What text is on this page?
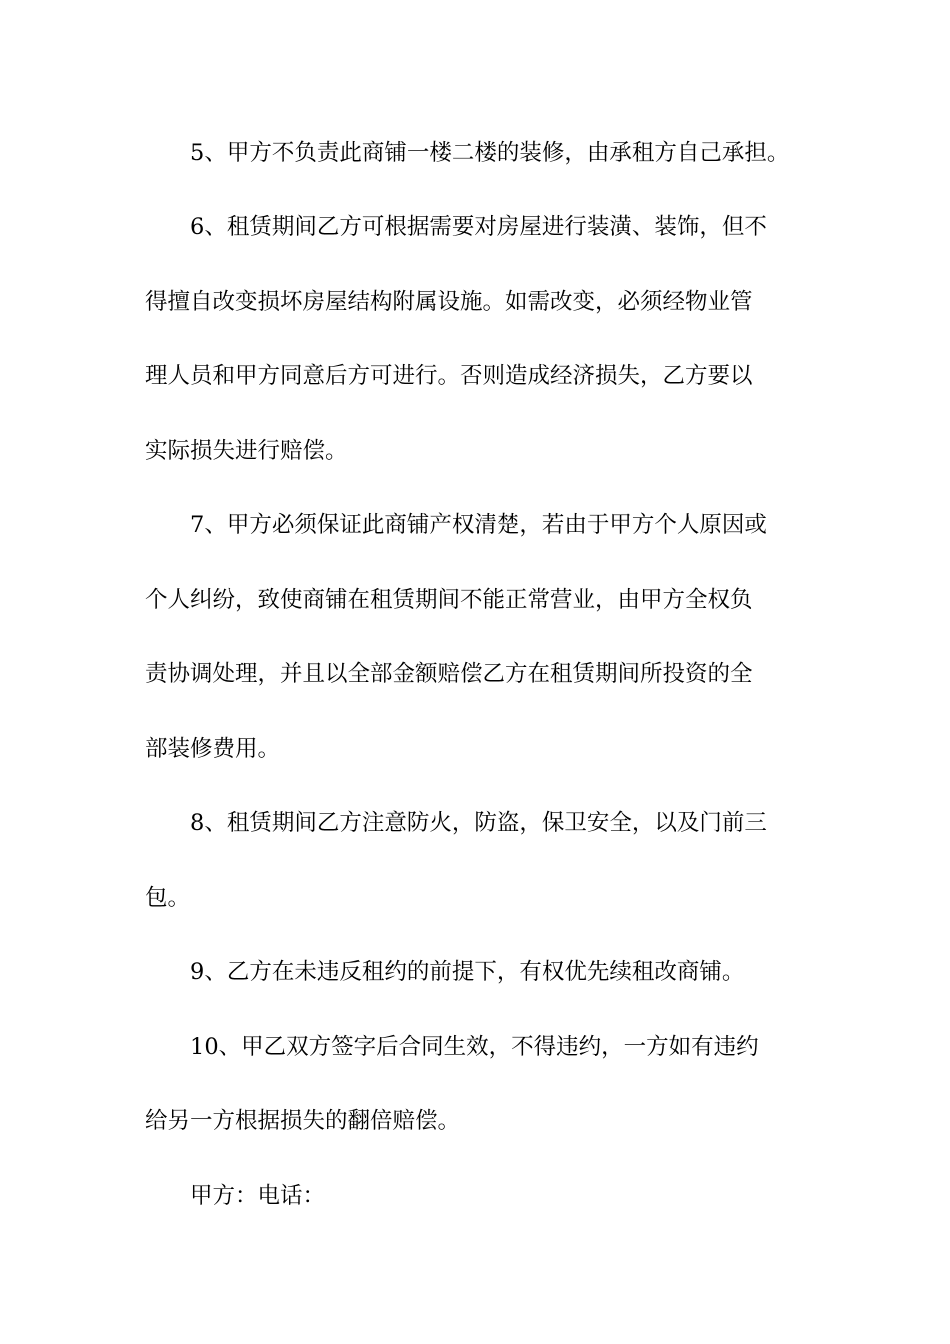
5、甲方不负责此商铺一楼二楼的装修，由承租方自己承担。

6、租赁期间乙方可根据需要对房屋进行装潢、装饰，但不

得擅自改变损坏房屋结构附属设施。如需改变，必须经物业管

理人员和甲方同意后方可进行。否则造成经济损失，乙方要以

实际损失进行赔偿。

7、甲方必须保证此商铺产权清楚，若由于甲方个人原因或

个人纠纷，致使商铺在租赁期间不能正常营业，由甲方全权负

责协调处理，并且以全部金额赔偿乙方在租赁期间所投资的全

部装修费用。

8、租赁期间乙方注意防火，防盗，保卫安全，以及门前三

包。

9、乙方在未违反租约的前提下，有权优先续租改商铺。

10、甲乙双方签字后合同生效，不得违约，一方如有违约

给另一方根据损失的翻倍赔偿。

甲方：电话：
